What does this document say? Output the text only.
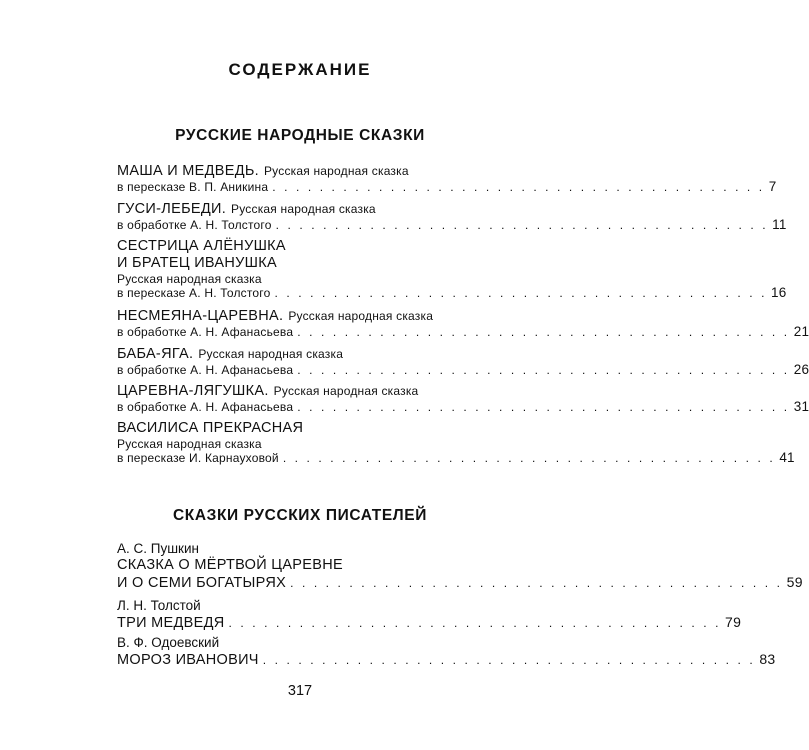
СОДЕРЖАНИЕ
РУССКИЕ НАРОДНЫЕ СКАЗКИ
МАША И МЕДВЕДЬ. Русская народная сказка
в пересказе В. П. Аникина . . . . . . . . . . . . . . . . . . . . . . . . . . . . . . . . . . . . . . . . . . 7
ГУСИ-ЛЕБЕДИ. Русская народная сказка
в обработке А. Н. Толстого . . . . . . . . . . . . . . . . . . . . . . . . . . . . . . . . . . . . . . . . . . 11
СЕСТРИЦА АЛЁНУШКА
И БРАТЕЦ ИВАНУШКА
Русская народная сказка
в пересказе А. Н. Толстого . . . . . . . . . . . . . . . . . . . . . . . . . . . . . . . . . . . . . . . . . . 16
НЕСМЕЯНА-ЦАРЕВНА. Русская народная сказка
в обработке А. Н. Афанасьева . . . . . . . . . . . . . . . . . . . . . . . . . . . . . . . . . . . . . . . . . . 21
БАБА-ЯГА. Русская народная сказка
в обработке А. Н. Афанасьева . . . . . . . . . . . . . . . . . . . . . . . . . . . . . . . . . . . . . . . . . . 26
ЦАРЕВНА-ЛЯГУШКА. Русская народная сказка
в обработке А. Н. Афанасьева . . . . . . . . . . . . . . . . . . . . . . . . . . . . . . . . . . . . . . . . . . 31
ВАСИЛИСА ПРЕКРАСНАЯ
Русская народная сказка
в пересказе И. Карнауховой . . . . . . . . . . . . . . . . . . . . . . . . . . . . . . . . . . . . . . . . . . 41
СКАЗКИ РУССКИХ ПИСАТЕЛЕЙ
А. С. Пушкин
СКАЗКА О МЁРТВОЙ ЦАРЕВНЕ
И О СЕМИ БОГАТЫРЯХ . . . . . . . . . . . . . . . . . . . . . . . . . . . . . . . . . . . . . . . . . . 59
Л. Н. Толстой
ТРИ МЕДВЕДЯ . . . . . . . . . . . . . . . . . . . . . . . . . . . . . . . . . . . . . . . . . . 79
В. Ф. Одоевский
МОРОЗ ИВАНОВИЧ . . . . . . . . . . . . . . . . . . . . . . . . . . . . . . . . . . . . . . . . . . 83
317
